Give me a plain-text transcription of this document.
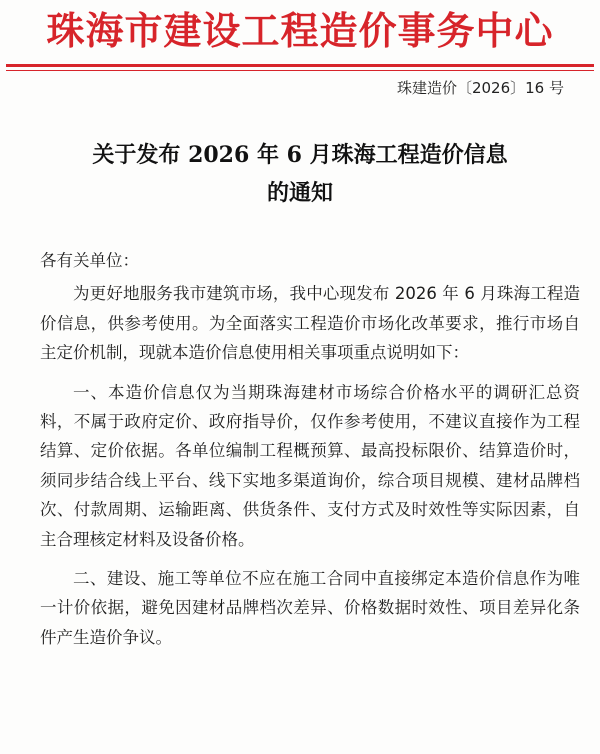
珠海市建设工程造价事务中心
珠建造价〔2026〕16 号
关于发布 2026 年 6 月珠海工程造价信息
的通知

各有关单位：

为更好地服务我市建筑市场，我中心现发布 2026 年 6 月珠海工程造价信息，供参考使用。为全面落实工程造价市场化改革要求，推行市场自主定价机制，现就本造价信息使用相关事项重点说明如下：

一、本造价信息仅为当期珠海建材市场综合价格水平的调研汇总资料，不属于政府定价、政府指导价，仅作参考使用，不建议直接作为工程结算、定价依据。各单位编制工程概预算、最高投标限价、结算造价时，须同步结合线上平台、线下实地多渠道询价，综合项目规模、建材品牌档次、付款周期、运输距离、供货条件、支付方式及时效性等实际因素，自主合理核定材料及设备价格。

二、建设、施工等单位不应在施工合同中直接绑定本造价信息作为唯一计价依据，避免因建材品牌档次差异、价格数据时效性、项目差异化条件产生造价争议。
